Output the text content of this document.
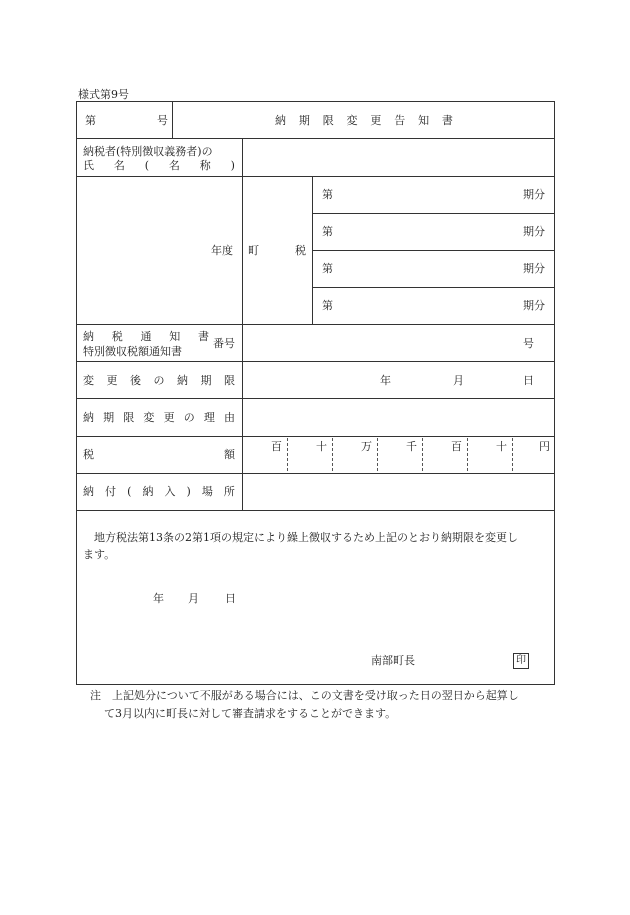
様式第9号
第	号	納 期 限 変 更 告 知 書
納税者(特別徴収義務者)の
氏 名 ( 名 称 )
年度 町	税
第	期分
第	期分
第	期分
第	期分
納 税 通 知 書
特別徴収税額通知書
番号	号
変 更 後 の 納 期 限	年	月	日
納 期 限 変 更 の 理 由
税	額
百	十	万	千	百	十	円
納 付 ( 納 入 ) 場 所
地方税法第13条の2第1項の規定により繰上徴収するため上記のとおり納期限を変更し
ます。
年 月 日
南部町長	印
注　上記処分について不服がある場合には、この文書を受け取った日の翌日から起算し
て3月以内に町長に対して審査請求をすることができます。
